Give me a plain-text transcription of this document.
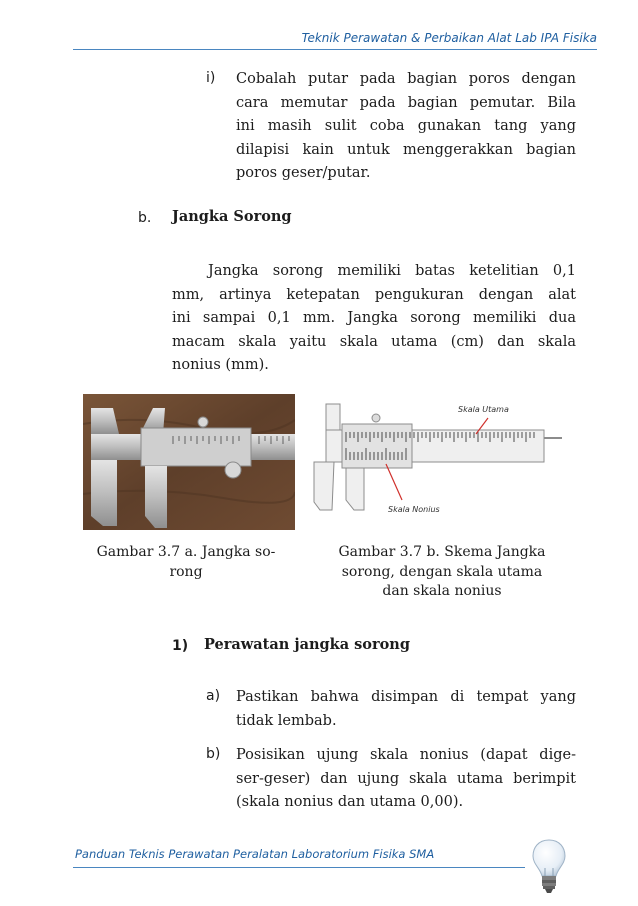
Teknik Perawatan & Perbaikan Alat Lab IPA Fisika
i) Cobalah putar pada bagian poros dengan
cara memutar pada bagian pemutar. Bila
ini masih sulit coba gunakan tang yang
dilapisi kain untuk menggerakkan bagian
poros geser/putar.
b. Jangka Sorong
Jangka sorong memiliki batas ketelitian 0,1
mm, artinya ketepatan pengukuran dengan alat
ini sampai 0,1 mm. Jangka sorong memiliki dua
macam skala yaitu skala utama (cm) dan skala
nonius (mm).
Skala Utama
Skala Nonius
Gambar 3.7 a. Jangka so-
rong
Gambar 3.7 b. Skema Jangka
sorong, dengan skala utama
dan skala nonius
1) Perawatan jangka sorong
a) Pastikan bahwa disimpan di tempat yang
tidak lembab.
b) Posisikan ujung skala nonius (dapat dige-
ser-geser) dan ujung skala utama berimpit
(skala nonius dan utama 0,00).
Panduan Teknis Perawatan Peralatan Laboratorium Fisika SMA
